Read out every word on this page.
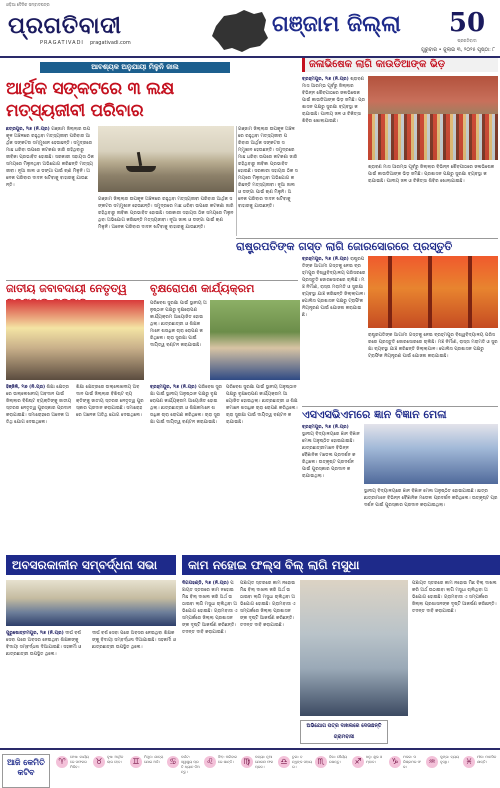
ଓଡ଼ିଆ ଦୈନିକ ସମ୍ବାଦପତ୍ର
ପ୍ରଗତିବାଦୀ
PRAGATIVADI pragativadi.com
ଗଞ୍ଜାମ ଜିଲ୍ଲା	50
ପ୍ରଗତିବାଦୀ
ଗୁରୁବାର • ଜୁଲାଇ ୩, ୨୦୨୫ ପୃଷ୍ଠା: ୮
ଆବଶ୍ୟକ ଅନୁଯାୟୀ ମିଳୁନି ଜାଲ
ଆର୍ଥିକ ସଙ୍କଟରେ ୩ ଲକ୍ଷ ମତ୍ସ୍ୟଜୀବୀ ପରିବାର
ଛତ୍ରପୁର, ୨ା୭ (ନି.ପ୍ର) ଗଞ୍ଜାମ ଜିଲ୍ଲାର ଉପକୂଳ ଅଞ୍ଚଳରେ ରହୁଥିବା ମତ୍ସ୍ୟଜୀବୀ ପରିବାର ଆର୍ଥିକ ସଙ୍କଟର ସମ୍ମୁଖୀନ ହେଉଛନ୍ତି। ସମୁଦ୍ରରେ ମାଛ ଧରିବା ଉପରେ କଟକଣା ଜାରି ରହିଥିବାରୁ ଜୀବିକା ପ୍ରଭାବିତ ହୋଇଛି। ସରକାରୀ ସହାୟତା ଠିକ ସମୟରେ ମିଳୁନଥିବା ଅଭିଯୋଗ କରିଛନ୍ତି ମତ୍ସ୍ୟଜୀବୀ। ନୂଆ ଜାଲ ଓ ଡଙ୍ଗା ପାଇଁ ଋଣ ମିଳୁନି। ଅନେକ ପରିବାର ଦାଦନ ଖଟିବାକୁ ବାହାରକୁ ଯାଉଛନ୍ତି।
ଗଞ୍ଜାମ ଜିଲ୍ଲାର ଉପକୂଳ ଅଞ୍ଚଳରେ ରହୁଥିବା ମତ୍ସ୍ୟଜୀବୀ ପରିବାର ଆର୍ଥିକ ସଙ୍କଟର ସମ୍ମୁଖୀନ ହେଉଛନ୍ତି। ସମୁଦ୍ରରେ ମାଛ ଧରିବା ଉପରେ କଟକଣା ଜାରି ରହିଥିବାରୁ ଜୀବିକା ପ୍ରଭାବିତ ହୋଇଛି। ସରକାରୀ ସହାୟତା ଠିକ ସମୟରେ ମିଳୁନଥିବା ଅଭିଯୋଗ କରିଛନ୍ତି ମତ୍ସ୍ୟଜୀବୀ। ନୂଆ ଜାଲ ଓ ଡଙ୍ଗା ପାଇଁ ଋଣ ମିଳୁନି। ଅନେକ ପରିବାର ଦାଦନ ଖଟିବାକୁ ବାହାରକୁ ଯାଉଛନ୍ତି।
ଗଞ୍ଜାମ ଜିଲ୍ଲାର ଉପକୂଳ ଅଞ୍ଚଳରେ ରହୁଥିବା ମତ୍ସ୍ୟଜୀବୀ ପରିବାର ଆର୍ଥିକ ସଙ୍କଟର ସମ୍ମୁଖୀନ ହେଉଛନ୍ତି। ସମୁଦ୍ରରେ ମାଛ ଧରିବା ଉପରେ କଟକଣା ଜାରି ରହିଥିବାରୁ ଜୀବିକା ପ୍ରଭାବିତ ହୋଇଛି। ସରକାରୀ ସହାୟତା ଠିକ ସମୟରେ ମିଳୁନଥିବା ଅଭିଯୋଗ କରିଛନ୍ତି ମତ୍ସ୍ୟଜୀବୀ। ନୂଆ ଜାଲ ଓ ଡଙ୍ଗା ପାଇଁ ଋଣ ମିଳୁନି। ଅନେକ ପରିବାର ଦାଦନ ଖଟିବାକୁ ବାହାରକୁ ଯାଉଛନ୍ତି।
ଜଳାଭିଷେକ ଲାଗି କାଉଡିଆଙ୍କ ଭିଡ଼
ବ୍ରହ୍ମପୁର, ୨ା୭ (ନି.ପ୍ର) ଶ୍ରାବଣ ମାସ ଆରମ୍ଭ ପୂର୍ବରୁ ଜିଲ୍ଲାର ବିଭିନ୍ନ ଶୈବପୀଠରେ ଜଳାଭିଷେକ ପାଇଁ କାଉଡିଆଙ୍କ ଭିଡ଼ ଜମିଛି। ପ୍ରଶାସନ ପକ୍ଷରୁ ସୁରକ୍ଷା ବ୍ୟବସ୍ଥା କରାଯାଇଛି। ପାନୀୟ ଜଳ ଓ ଚିକିତ୍ସା ଶିବିର ଖୋଲାଯାଇଛି।
ଶ୍ରାବଣ ମାସ ଆରମ୍ଭ ପୂର୍ବରୁ ଜିଲ୍ଲାର ବିଭିନ୍ନ ଶୈବପୀଠରେ ଜଳାଭିଷେକ ପାଇଁ କାଉଡିଆଙ୍କ ଭିଡ଼ ଜମିଛି। ପ୍ରଶାସନ ପକ୍ଷରୁ ସୁରକ୍ଷା ବ୍ୟବସ୍ଥା କରାଯାଇଛି। ପାନୀୟ ଜଳ ଓ ଚିକିତ୍ସା ଶିବିର ଖୋଲାଯାଇଛି।
ରାଷ୍ଟ୍ରପତିଙ୍କ ଗସ୍ତ ଲାଗି ଜୋରସୋରରେ ପ୍ରସ୍ତୁତି
ବ୍ରହ୍ମପୁର, ୨ା୭ (ନି.ପ୍ର) ରାଷ୍ଟ୍ରପତିଙ୍କ ଆଗାମୀ ଗସ୍ତକୁ ନେଇ ବ୍ରହ୍ମପୁର ବିଶ୍ୱବିଦ୍ୟାଳୟ ପରିସରରେ ପ୍ରସ୍ତୁତି ଜୋରସୋରରେ ଚାଲିଛି। ମଞ୍ଚ ନିର୍ମାଣ, ରାସ୍ତା ମରାମତି ଓ ସୁରକ୍ଷା ବ୍ୟବସ୍ଥା ଯାଞ୍ଚ କରିଛନ୍ତି ଜିଲ୍ଲାପାଳ। ପୋଲିସ ପ୍ରଶାସନ ପକ୍ଷରୁ ଟ୍ରାଫିକ ନିୟନ୍ତ୍ରଣ ପାଇଁ ଯୋଜନା କରାଯାଇଛି।
ରାଷ୍ଟ୍ରପତିଙ୍କ ଆଗାମୀ ଗସ୍ତକୁ ନେଇ ବ୍ରହ୍ମପୁର ବିଶ୍ୱବିଦ୍ୟାଳୟ ପରିସରରେ ପ୍ରସ୍ତୁତି ଜୋରସୋରରେ ଚାଲିଛି। ମଞ୍ଚ ନିର୍ମାଣ, ରାସ୍ତା ମରାମତି ଓ ସୁରକ୍ଷା ବ୍ୟବସ୍ଥା ଯାଞ୍ଚ କରିଛନ୍ତି ଜିଲ୍ଲାପାଳ। ପୋଲିସ ପ୍ରଶାସନ ପକ୍ଷରୁ ଟ୍ରାଫିକ ନିୟନ୍ତ୍ରଣ ପାଇଁ ଯୋଜନା କରାଯାଇଛି।
ଜାତୀୟ ଜବାବଦାୟୀ ନେତୃତ୍ୱ
ହିଞ୍ଜିଳି, ୨ା୭ (ନି.ପ୍ର) ଶିକ୍ଷା କ୍ଷେତ୍ରରେ ଉଲ୍ଲେଖନୀୟ ଅବଦାନ ପାଇଁ ଜିଲ୍ଲାର ବିଶିଷ୍ଟ ବ୍ୟକ୍ତିଙ୍କୁ ଜାତୀୟ ସ୍ତରର ନେତୃତ୍ୱ ପୁରସ୍କାର ପ୍ରଦାନ କରାଯାଇଛି। ସମାରୋହରେ ଅନେକ ଅତିଥି ଯୋଗ ଦେଇଥିଲେ।
ଶିକ୍ଷା କ୍ଷେତ୍ରରେ ଉଲ୍ଲେଖନୀୟ ଅବଦାନ ପାଇଁ ଜିଲ୍ଲାର ବିଶିଷ୍ଟ ବ୍ୟକ୍ତିଙ୍କୁ ଜାତୀୟ ସ୍ତରର ନେତୃତ୍ୱ ପୁରସ୍କାର ପ୍ରଦାନ କରାଯାଇଛି। ସମାରୋହରେ ଅନେକ ଅତିଥି ଯୋଗ ଦେଇଥିଲେ।
ବୃକ୍ଷରୋପଣ କାର୍ଯ୍ୟକ୍ରମ
ପରିବେଶ ସୁରକ୍ଷା ପାଇଁ ସ୍ଥାନୀୟ ଅନୁଷ୍ଠାନ ପକ୍ଷରୁ ବୃକ୍ଷରୋପଣ କାର୍ଯ୍ୟକ୍ରମ ଆୟୋଜିତ ହୋଇଥିଲା। ଛାତ୍ରଛାତ୍ରୀ ଓ ଶିକ୍ଷକମାନେ ଶତାଧିକ ଚାରା ରୋପଣ କରିଥିଲେ। ଚାରା ସୁରକ୍ଷା ପାଇଁ ଦାୟିତ୍ୱ ବଣ୍ଟନ କରାଯାଇଛି।
ବ୍ରହ୍ମପୁର, ୨ା୭ (ନି.ପ୍ର) ପରିବେଶ ସୁରକ୍ଷା ପାଇଁ ସ୍ଥାନୀୟ ଅନୁଷ୍ଠାନ ପକ୍ଷରୁ ବୃକ୍ଷରୋପଣ କାର୍ଯ୍ୟକ୍ରମ ଆୟୋଜିତ ହୋଇଥିଲା। ଛାତ୍ରଛାତ୍ରୀ ଓ ଶିକ୍ଷକମାନେ ଶତାଧିକ ଚାରା ରୋପଣ କରିଥିଲେ। ଚାରା ସୁରକ୍ଷା ପାଇଁ ଦାୟିତ୍ୱ ବଣ୍ଟନ କରାଯାଇଛି।
ପରିବେଶ ସୁରକ୍ଷା ପାଇଁ ସ୍ଥାନୀୟ ଅନୁଷ୍ଠାନ ପକ୍ଷରୁ ବୃକ୍ଷରୋପଣ କାର୍ଯ୍ୟକ୍ରମ ଆୟୋଜିତ ହୋଇଥିଲା। ଛାତ୍ରଛାତ୍ରୀ ଓ ଶିକ୍ଷକମାନେ ଶତାଧିକ ଚାରା ରୋପଣ କରିଥିଲେ। ଚାରା ସୁରକ୍ଷା ପାଇଁ ଦାୟିତ୍ୱ ବଣ୍ଟନ କରାଯାଇଛି।
ଏସଏସଭିଏମରେ ଜ୍ଞାନ ବିଜ୍ଞାନ ମେଳା
ବ୍ରହ୍ମପୁର, ୨ା୭ (ନି.ପ୍ର) ସ୍ଥାନୀୟ ବିଦ୍ୟାଳୟରେ ଜ୍ଞାନ ବିଜ୍ଞାନ ମେଳା ଅନୁଷ୍ଠିତ ହୋଇଯାଇଛି। ଛାତ୍ରଛାତ୍ରୀମାନେ ବିଭିନ୍ନ ବୈଜ୍ଞାନିକ ମଡେଲ ପ୍ରଦର୍ଶନ କରିଥିଲେ। ଉତ୍କୃଷ୍ଟ ପ୍ରଦର୍ଶନ ପାଇଁ ପୁରସ୍କାର ପ୍ରଦାନ କରାଯାଇଥିଲା।
ସ୍ଥାନୀୟ ବିଦ୍ୟାଳୟରେ ଜ୍ଞାନ ବିଜ୍ଞାନ ମେଳା ଅନୁଷ୍ଠିତ ହୋଇଯାଇଛି। ଛାତ୍ରଛାତ୍ରୀମାନେ ବିଭିନ୍ନ ବୈଜ୍ଞାନିକ ମଡେଲ ପ୍ରଦର୍ଶନ କରିଥିଲେ। ଉତ୍କୃଷ୍ଟ ପ୍ରଦର୍ଶନ ପାଇଁ ପୁରସ୍କାର ପ୍ରଦାନ କରାଯାଇଥିଲା।
ଅବସରକାଳୀନ ସମ୍ବର୍ଦ୍ଧନା ସଭା
ପୁରୁଷୋତ୍ତମପୁର, ୨ା୭ (ନି.ପ୍ର) ଦୀର୍ଘ ବର୍ଷ ସେବା ପରେ ଅବସର ନେଇଥିବା ଶିକ୍ଷକଙ୍କୁ ବିଦାୟୀ ସମ୍ବର୍ଦ୍ଧନା ଦିଆଯାଇଛି। ସହକର୍ମୀ ଓ ଛାତ୍ରଛାତ୍ରୀ ଉପସ୍ଥିତ ଥିଲେ।
ଦୀର୍ଘ ବର୍ଷ ସେବା ପରେ ଅବସର ନେଇଥିବା ଶିକ୍ଷକଙ୍କୁ ବିଦାୟୀ ସମ୍ବର୍ଦ୍ଧନା ଦିଆଯାଇଛି। ସହକର୍ମୀ ଓ ଛାତ୍ରଛାତ୍ରୀ ଉପସ୍ଥିତ ଥିଲେ।
କାମ ନହୋଇ ଫଲ୍ସ ବିଲ୍‌ ଲାଗି ମସୁଧା
ଦିଗପହଣ୍ଡି, ୨ା୭ (ନି.ପ୍ର) ପଞ୍ଚାୟତ ସ୍ତରରେ କାମ ନହୋଇ ମିଛ ବିଲ୍‌ ଦାଖଲ କରି ଅର୍ଥ ଉଠାଇବା ଲାଗି ମସୁଧା ଚାଲିଥିବା ଅଭିଯୋଗ ହୋଇଛି। ଗ୍ରାମବାସୀ ଏ ସମ୍ପର୍କରେ ଜିଲ୍ଲା ପ୍ରଶାସନଙ୍କ ଦୃଷ୍ଟି ଆକର୍ଷଣ କରିଛନ୍ତି। ତଦନ୍ତ ଦାବି କରାଯାଇଛି।
ପଞ୍ଚାୟତ ସ୍ତରରେ କାମ ନହୋଇ ମିଛ ବିଲ୍‌ ଦାଖଲ କରି ଅର୍ଥ ଉଠାଇବା ଲାଗି ମସୁଧା ଚାଲିଥିବା ଅଭିଯୋଗ ହୋଇଛି। ଗ୍ରାମବାସୀ ଏ ସମ୍ପର୍କରେ ଜିଲ୍ଲା ପ୍ରଶାସନଙ୍କ ଦୃଷ୍ଟି ଆକର୍ଷଣ କରିଛନ୍ତି। ତଦନ୍ତ ଦାବି କରାଯାଇଛି।
ଅଭିଯୋଗ ପତ୍ର ଦାଖଲରେ ଦେଉଛନ୍ତି ଗ୍ରାମବାସୀ
ପଞ୍ଚାୟତ ସ୍ତରରେ କାମ ନହୋଇ ମିଛ ବିଲ୍‌ ଦାଖଲ କରି ଅର୍ଥ ଉଠାଇବା ଲାଗି ମସୁଧା ଚାଲିଥିବା ଅଭିଯୋଗ ହୋଇଛି। ଗ୍ରାମବାସୀ ଏ ସମ୍ପର୍କରେ ଜିଲ୍ଲା ପ୍ରଶାସନଙ୍କ ଦୃଷ୍ଟି ଆକର୍ଷଣ କରିଛନ୍ତି। ତଦନ୍ତ ଦାବି କରାଯାଇଛି।
ଆଜି କେମିତି କଟିବ
♈	ମେଷ: କାର୍ଯ୍ୟରେ ସଫଳତା ମିଳିବ।
♉	ବୃଷ: ଆର୍ଥିକ ଲାଭ ହେବ।	♊	ମିଥୁନ: ଯାତ୍ରା ଯୋଗ ଅଛି।	♋	କର୍କଟ: ସ୍ୱାସ୍ଥ୍ୟ ପ୍ରତି ଧ୍ୟାନ ଦିଅନ୍ତୁ।
♌	ସିଂହ: ପରିବାରରେ ଶାନ୍ତି।	♍	କନ୍ୟା: ନୂଆ ଯୋଜନା ଫଳପ୍ରଦ।
♎	ତୁଳା: ବନ୍ଧୁଙ୍କ ସହାୟତା।
♏	ବିଛା: ଧୈର୍ଯ୍ୟ ରଖନ୍ତୁ।	♐	ଧନୁ: ଶୁଭ ସମ୍ବାଦ।	♑	ମକର: ପରିଶ୍ରମର ଫଳ।
♒	କୁମ୍ଭ: ବ୍ୟୟ ବୃଦ୍ଧି।	♓	ମୀନ: ମାନସିକ ଶାନ୍ତି।
